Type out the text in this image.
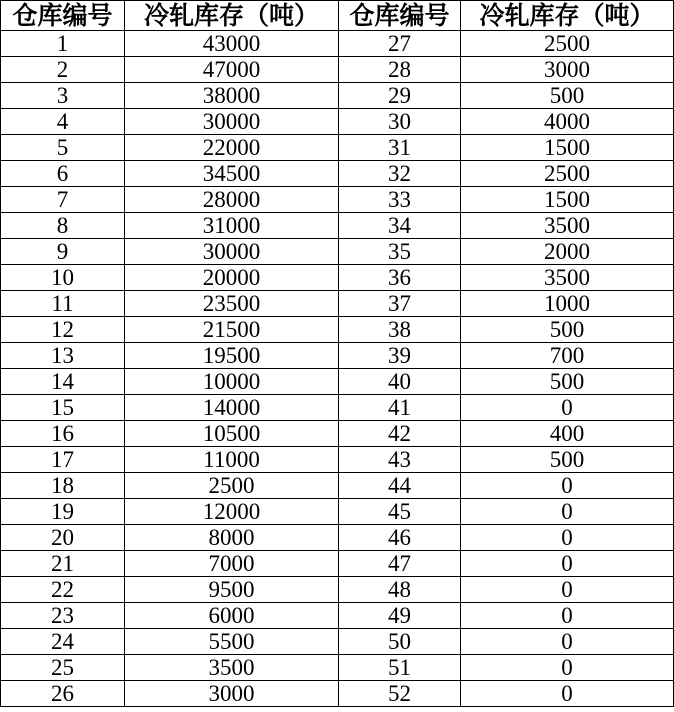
仓库编号	冷轧库存（吨）	仓库编号	冷轧库存（吨）
1	43000	27	2500
2	47000	28	3000
3	38000	29	500
4	30000	30	4000
5	22000	31	1500
6	34500	32	2500
7	28000	33	1500
8	31000	34	3500
9	30000	35	2000
10	20000	36	3500
11	23500	37	1000
12	21500	38	500
13	19500	39	700
14	10000	40	500
15	14000	41	0
16	10500	42	400
17	11000	43	500
18	2500	44	0
19	12000	45	0
20	8000	46	0
21	7000	47	0
22	9500	48	0
23	6000	49	0
24	5500	50	0
25	3500	51	0
26	3000	52	0
